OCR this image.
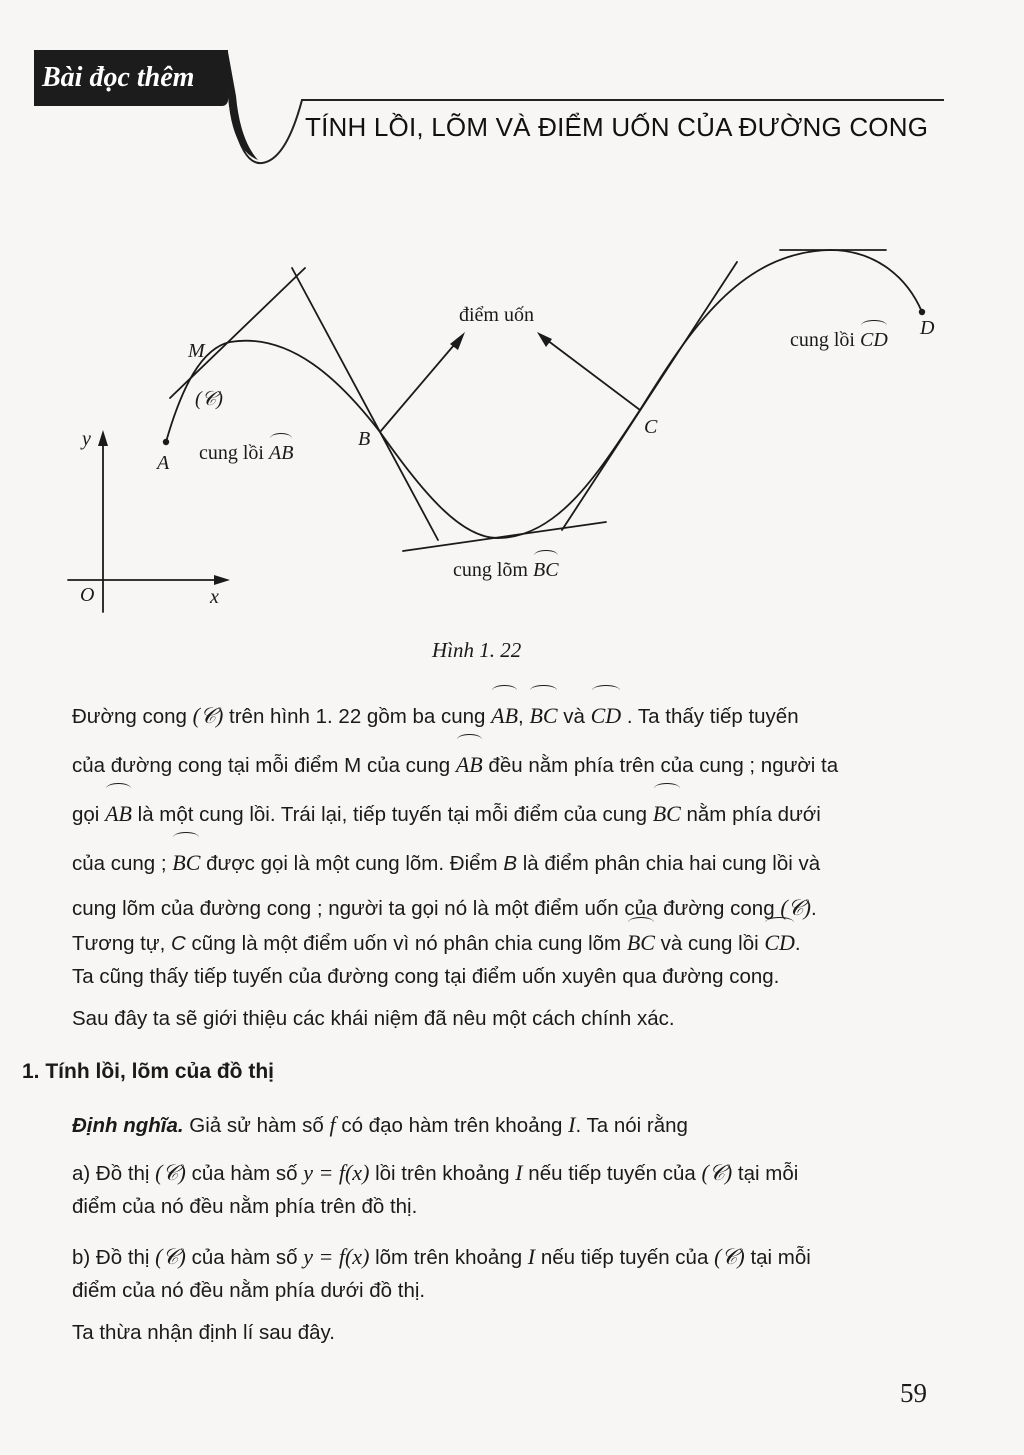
Bài đọc thêm
TÍNH LỒI, LÕM VÀ ĐIỂM UỐN CỦA ĐƯỜNG CONG
điểm uốn
cung lồi CD
D
M
(𝒞)
cung lồi AB
A
B
C
cung lõm BC
y
x
O
Hình 1. 22
Đường cong (𝒞) trên hình 1. 22 gồm ba cung AB, BC và CD . Ta thấy tiếp tuyến
của đường cong tại mỗi điểm M của cung AB đều nằm phía trên của cung ; người ta
gọi AB là một cung lồi. Trái lại, tiếp tuyến tại mỗi điểm của cung BC nằm phía dưới
của cung ; BC được gọi là một cung lõm. Điểm B là điểm phân chia hai cung lồi và
cung lõm của đường cong ; người ta gọi nó là một điểm uốn của đường cong (𝒞).
Tương tự, C cũng là một điểm uốn vì nó phân chia cung lõm BC và cung lồi CD.
Ta cũng thấy tiếp tuyến của đường cong tại điểm uốn xuyên qua đường cong.
Sau đây ta sẽ giới thiệu các khái niệm đã nêu một cách chính xác.
1. Tính lồi, lõm của đồ thị
Định nghĩa. Giả sử hàm số f có đạo hàm trên khoảng I. Ta nói rằng
a) Đồ thị (𝒞) của hàm số y = f(x) lồi trên khoảng I nếu tiếp tuyến của (𝒞) tại mỗi
điểm của nó đều nằm phía trên đồ thị.
b) Đồ thị (𝒞) của hàm số y = f(x) lõm trên khoảng I nếu tiếp tuyến của (𝒞) tại mỗi
điểm của nó đều nằm phía dưới đồ thị.
Ta thừa nhận định lí sau đây.
59
